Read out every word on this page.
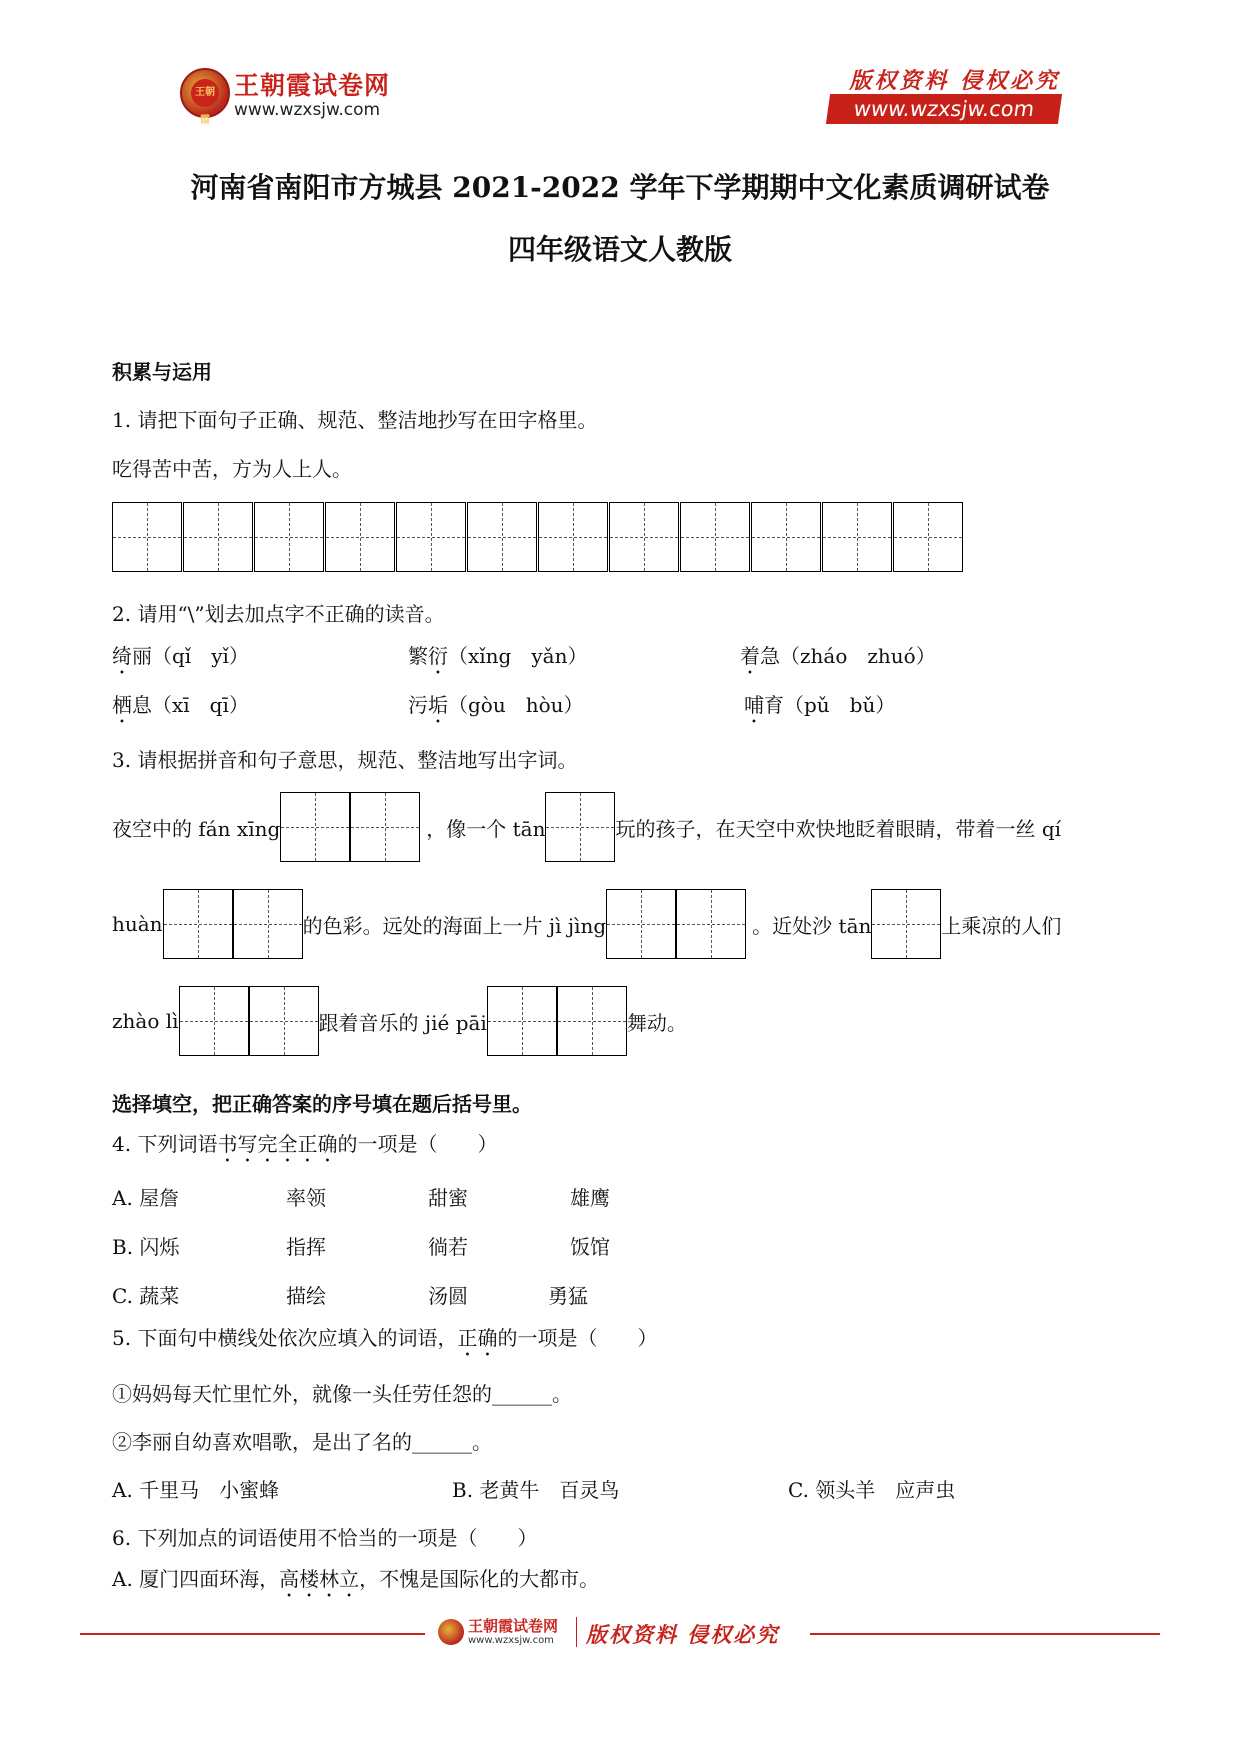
王朝霞
王朝霞试卷网
www.wzxsjw.com
版权资料 侵权必究
www.wzxsjw.com
河南省南阳市方城县 2021-2022 学年下学期期中文化素质调研试卷
四年级语文人教版
积累与运用
1. 请把下面句子正确、规范、整洁地抄写在田字格里。
吃得苦中苦，方为人上人。
2. 请用“\”划去加点字不正确的读音。
绮丽（qǐ　yǐ）	繁衍（xǐng　yǎn）	着急（zháo　zhuó）
栖息（xī　qī）	污垢（gòu　hòu）	哺育（pǔ　bǔ）
3. 请根据拼音和句子意思，规范、整洁地写出字词。
夜空中的 fán xīng	，像一个 tān	玩的孩子，在天空中欢快地眨着眼睛，带着一丝 qí
huàn	的色彩。远处的海面上一片 jì jìng	。近处沙 tān	上乘凉的人们
zhào lì	跟着音乐的 jié pāi	舞动。
选择填空，把正确答案的序号填在题后括号里。
4. 下列词语书写完全正确的一项是（　　）
A. 屋詹	率领	甜蜜	雄鹰
B. 闪烁	指挥	徜若	饭馆
C. 蔬菜	描绘	汤圆	勇猛
5. 下面句中横线处依次应填入的词语，正确的一项是（　　）
①妈妈每天忙里忙外，就像一头任劳任怨的______。
②李丽自幼喜欢唱歌，是出了名的______。
A. 千里马　小蜜蜂	B. 老黄牛　百灵鸟	C. 领头羊　应声虫
6. 下列加点的词语使用不恰当的一项是（　　）
A. 厦门四面环海，高楼林立，不愧是国际化的大都市。
王朝霞试卷网
www.wzxsjw.com 版权资料 侵权必究
